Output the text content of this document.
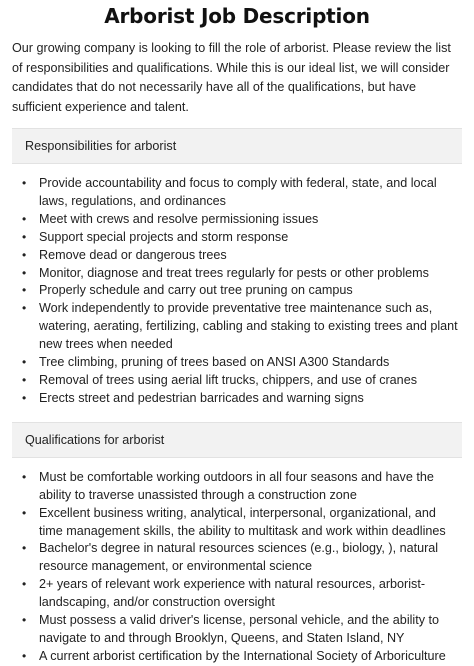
Arborist Job Description

Our growing company is looking to fill the role of arborist. Please review the list of responsibilities and qualifications. While this is our ideal list, we will consider candidates that do not necessarily have all of the qualifications, but have sufficient experience and talent.

Responsibilities for arborist
• Provide accountability and focus to comply with federal, state, and local laws, regulations, and ordinances
• Meet with crews and resolve permissioning issues
• Support special projects and storm response
• Remove dead or dangerous trees
• Monitor, diagnose and treat trees regularly for pests or other problems
• Properly schedule and carry out tree pruning on campus
• Work independently to provide preventative tree maintenance such as, watering, aerating, fertilizing, cabling and staking to existing trees and plant new trees when needed
• Tree climbing, pruning of trees based on ANSI A300 Standards
• Removal of trees using aerial lift trucks, chippers, and use of cranes
• Erects street and pedestrian barricades and warning signs
Qualifications for arborist
• Must be comfortable working outdoors in all four seasons and have the ability to traverse unassisted through a construction zone
• Excellent business writing, analytical, interpersonal, organizational, and time management skills, the ability to multitask and work within deadlines
• Bachelor's degree in natural resources sciences (e.g., biology, ), natural resource management, or environmental science
• 2+ years of relevant work experience with natural resources, arborist-landscaping, and/or construction oversight
• Must possess a valid driver's license, personal vehicle, and the ability to navigate to and through Brooklyn, Queens, and Staten Island, NY
• A current arborist certification by the International Society of Arboriculture
